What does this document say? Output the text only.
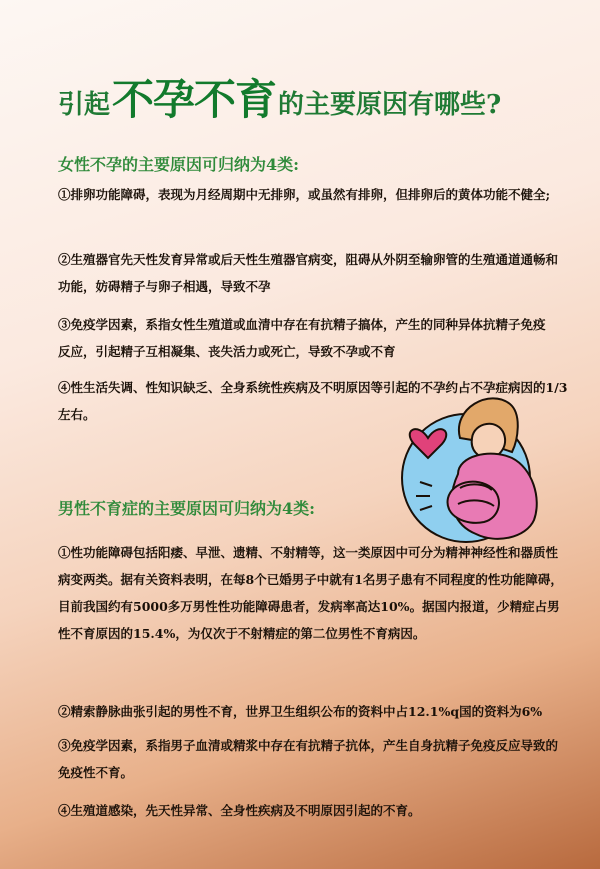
引起 不孕不育 的主要原因有哪些?
女性不孕的主要原因可归纳为4类:
①排卵功能障碍，表现为月经周期中无排卵，或虽然有排卵，但排卵后的黄体功能不健全;
②生殖器官先天性发育异常或后天性生殖器官病变，阻碍从外阴至输卵管的生殖通道通畅和功能，妨碍精子与卵子相遇，导致不孕
③免疫学因素，系指女性生殖道或血清中存在有抗精子搞体，产生的同种异体抗精子免疫反应，引起精子互相凝集、丧失活力或死亡，导致不孕或不育
④性生活失调、性知识缺乏、全身系统性疾病及不明原因等引起的不孕约占不孕症病因的1/3左右。
男性不育症的主要原因可归纳为4类:
①性功能障碍包括阳痿、早泄、遗精、不射精等，这一类原因中可分为精神神经性和器质性病变两类。据有关资料表明，在每8个已婚男子中就有1名男子患有不同程度的性功能障碍，目前我国约有5000多万男性性功能障碍患者，发病率高达10%。据国内报道，少精症占男性不育原因的15.4%，为仅次于不射精症的第二位男性不育病因。
②精索静脉曲张引起的男性不育，世界卫生组织公布的资料中占12.1%q国的资料为6%
③免疫学因素，系指男子血清或精浆中存在有抗精子抗体，产生自身抗精子免疫反应导致的免疫性不育。
④生殖道感染，先天性异常、全身性疾病及不明原因引起的不育。
